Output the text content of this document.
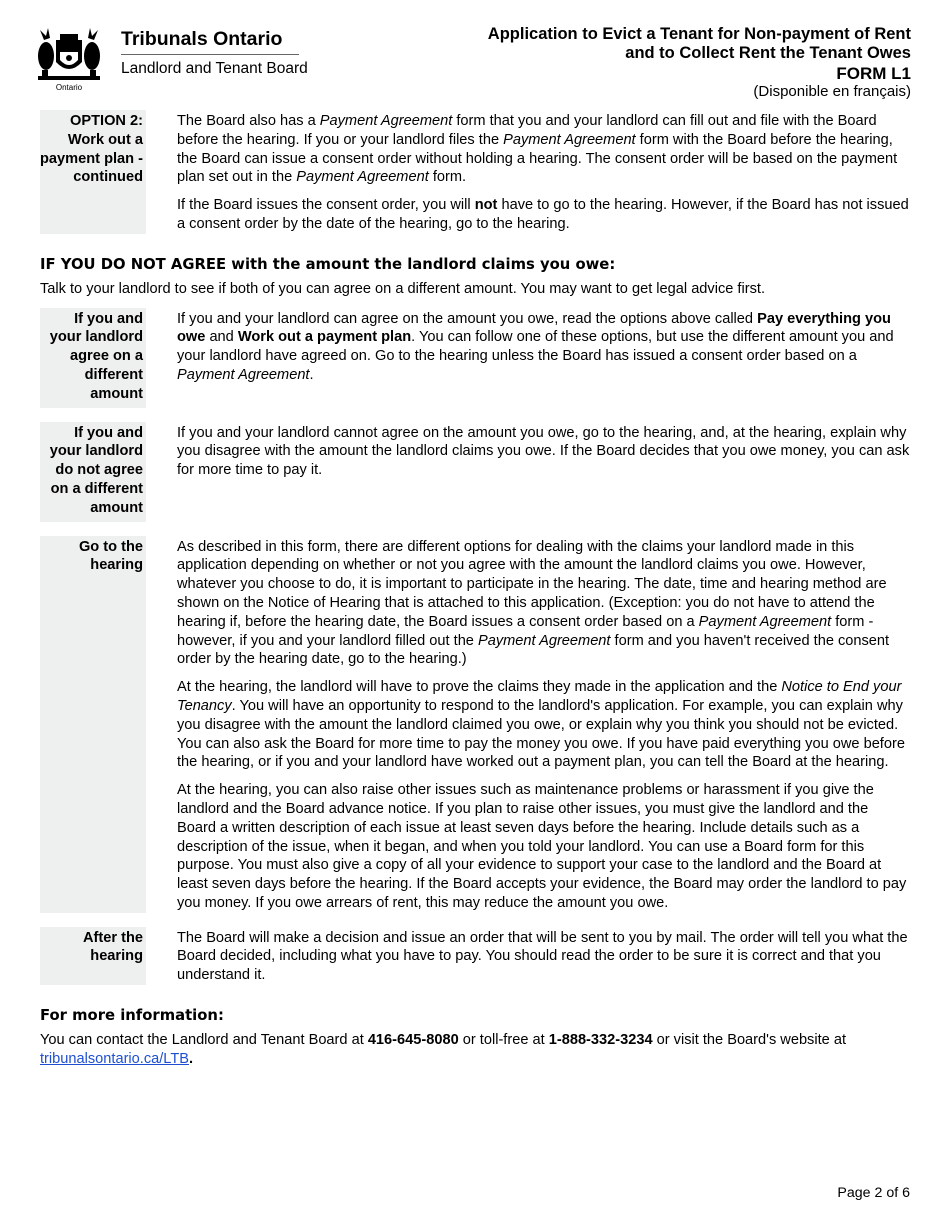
Ontario
Tribunals Ontario
Landlord and Tenant Board
Application to Evict a Tenant for Non-payment of Rent
and to Collect Rent the Tenant Owes
FORM L1
(Disponible en français)
OPTION 2: Work out a payment plan - continued

The Board also has a Payment Agreement form that you and your landlord can fill out and file with the Board before the hearing. If you or your landlord files the Payment Agreement form with the Board before the hearing, the Board can issue a consent order without holding a hearing. The consent order will be based on the payment plan set out in the Payment Agreement form.

If the Board issues the consent order, you will not have to go to the hearing. However, if the Board has not issued a consent order by the date of the hearing, go to the hearing.

IF YOU DO NOT AGREE with the amount the landlord claims you owe:

Talk to your landlord to see if both of you can agree on a different amount. You may want to get legal advice first.

If you and your landlord agree on a different amount

If you and your landlord can agree on the amount you owe, read the options above called Pay everything you owe and Work out a payment plan. You can follow one of these options, but use the different amount you and your landlord have agreed on. Go to the hearing unless the Board has issued a consent order based on a Payment Agreement.

If you and your landlord do not agree on a different amount

If you and your landlord cannot agree on the amount you owe, go to the hearing, and, at the hearing, explain why you disagree with the amount the landlord claims you owe. If the Board decides that you owe money, you can ask for more time to pay it.

Go to the hearing

As described in this form, there are different options for dealing with the claims your landlord made in this application depending on whether or not you agree with the amount the landlord claims you owe. However, whatever you choose to do, it is important to participate in the hearing. The date, time and hearing method are shown on the Notice of Hearing that is attached to this application. (Exception: you do not have to attend the hearing if, before the hearing date, the Board issues a consent order based on a Payment Agreement form - however, if you and your landlord filled out the Payment Agreement form and you haven't received the consent order by the hearing date, go to the hearing.)

At the hearing, the landlord will have to prove the claims they made in the application and the Notice to End your Tenancy. You will have an opportunity to respond to the landlord's application. For example, you can explain why you disagree with the amount the landlord claimed you owe, or explain why you think you should not be evicted. You can also ask the Board for more time to pay the money you owe. If you have paid everything you owe before the hearing, or if you and your landlord have worked out a payment plan, you can tell the Board at the hearing.

At the hearing, you can also raise other issues such as maintenance problems or harassment if you give the landlord and the Board advance notice. If you plan to raise other issues, you must give the landlord and the Board a written description of each issue at least seven days before the hearing. Include details such as a description of the issue, when it began, and when you told your landlord. You can use a Board form for this purpose. You must also give a copy of all your evidence to support your case to the landlord and the Board at least seven days before the hearing. If the Board accepts your evidence, the Board may order the landlord to pay you money. If you owe arrears of rent, this may reduce the amount you owe.

After the hearing

The Board will make a decision and issue an order that will be sent to you by mail. The order will tell you what the Board decided, including what you have to pay. You should read the order to be sure it is correct and that you understand it.

For more information:

You can contact the Landlord and Tenant Board at 416-645-8080 or toll-free at 1-888-332-3234 or visit the Board's website at tribunalsontario.ca/LTB.

Page 2 of 6
